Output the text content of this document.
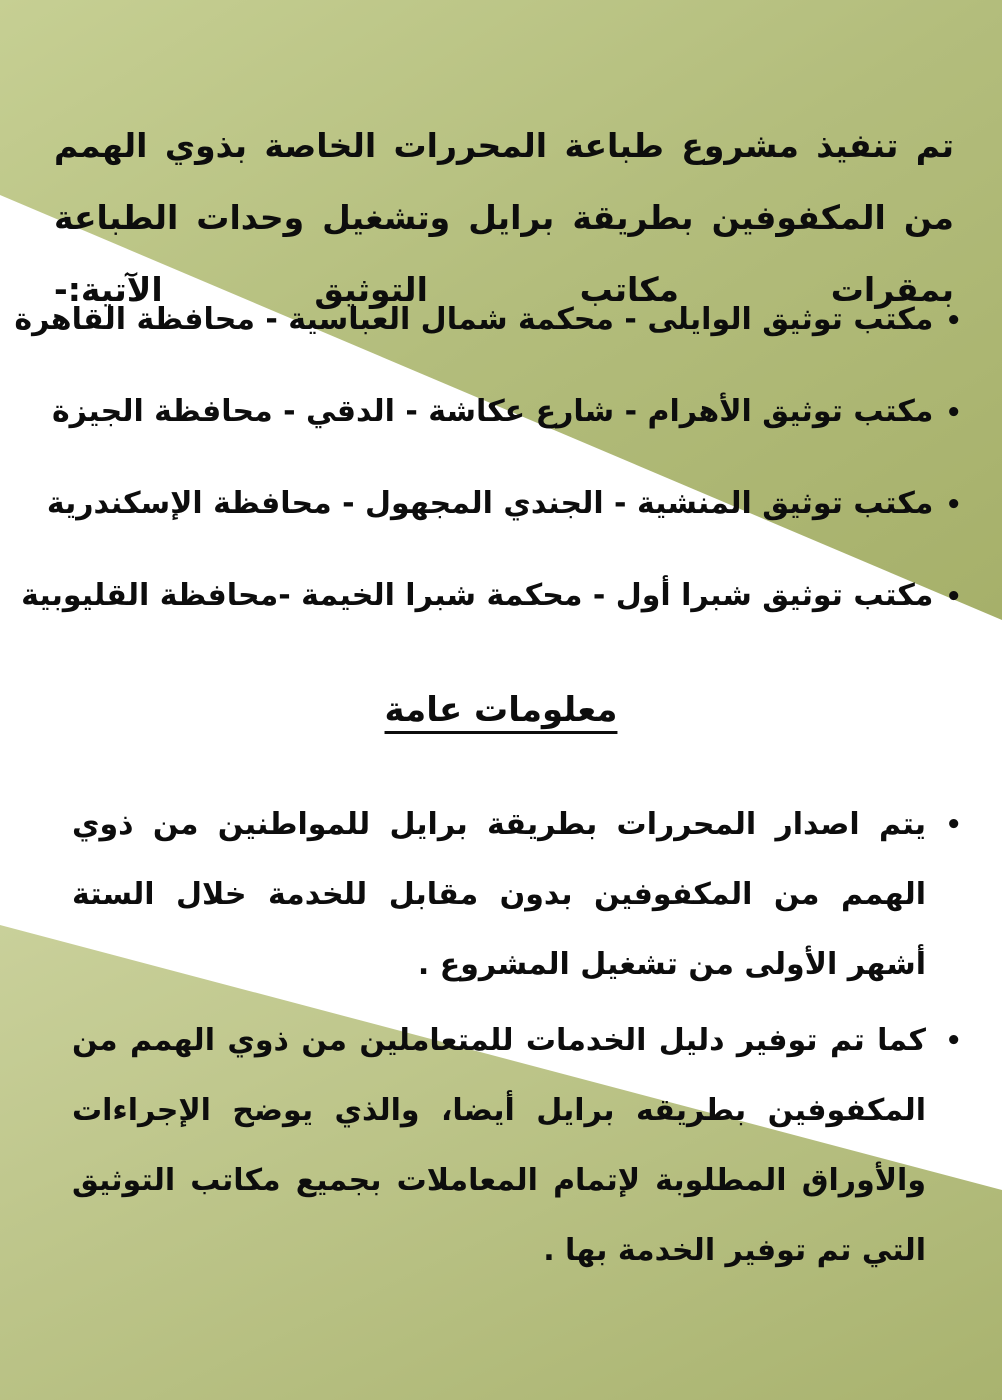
تم تنفيذ مشروع طباعة المحررات الخاصة بذوي الهمم من المكفوفين بطريقة برايل وتشغيل وحدات الطباعة بمقرات مكاتب التوثيق الآتية:-

•مكتب توثيق الوايلى - محكمة شمال العباسية - محافظة القاهرة
•مكتب توثيق الأهرام - شارع عكاشة - الدقي - محافظة الجيزة
•مكتب توثيق المنشية - الجندي المجهول - محافظة الإسكندرية
•مكتب توثيق شبرا أول - محكمة شبرا الخيمة -محافظة القليوبية
معلومات عامة
•
يتم اصدار المحررات بطريقة برايل للمواطنين من ذوي الهمم من المكفوفين بدون مقابل للخدمة خلال الستة أشهر الأولى من تشغيل المشروع .
•
كما تم توفير دليل الخدمات للمتعاملين من ذوي الهمم من المكفوفين بطريقه برايل أيضا، والذي يوضح الإجراءات والأوراق المطلوبة لإتمام المعاملات بجميع مكاتب التوثيق التي تم توفير الخدمة بها .
